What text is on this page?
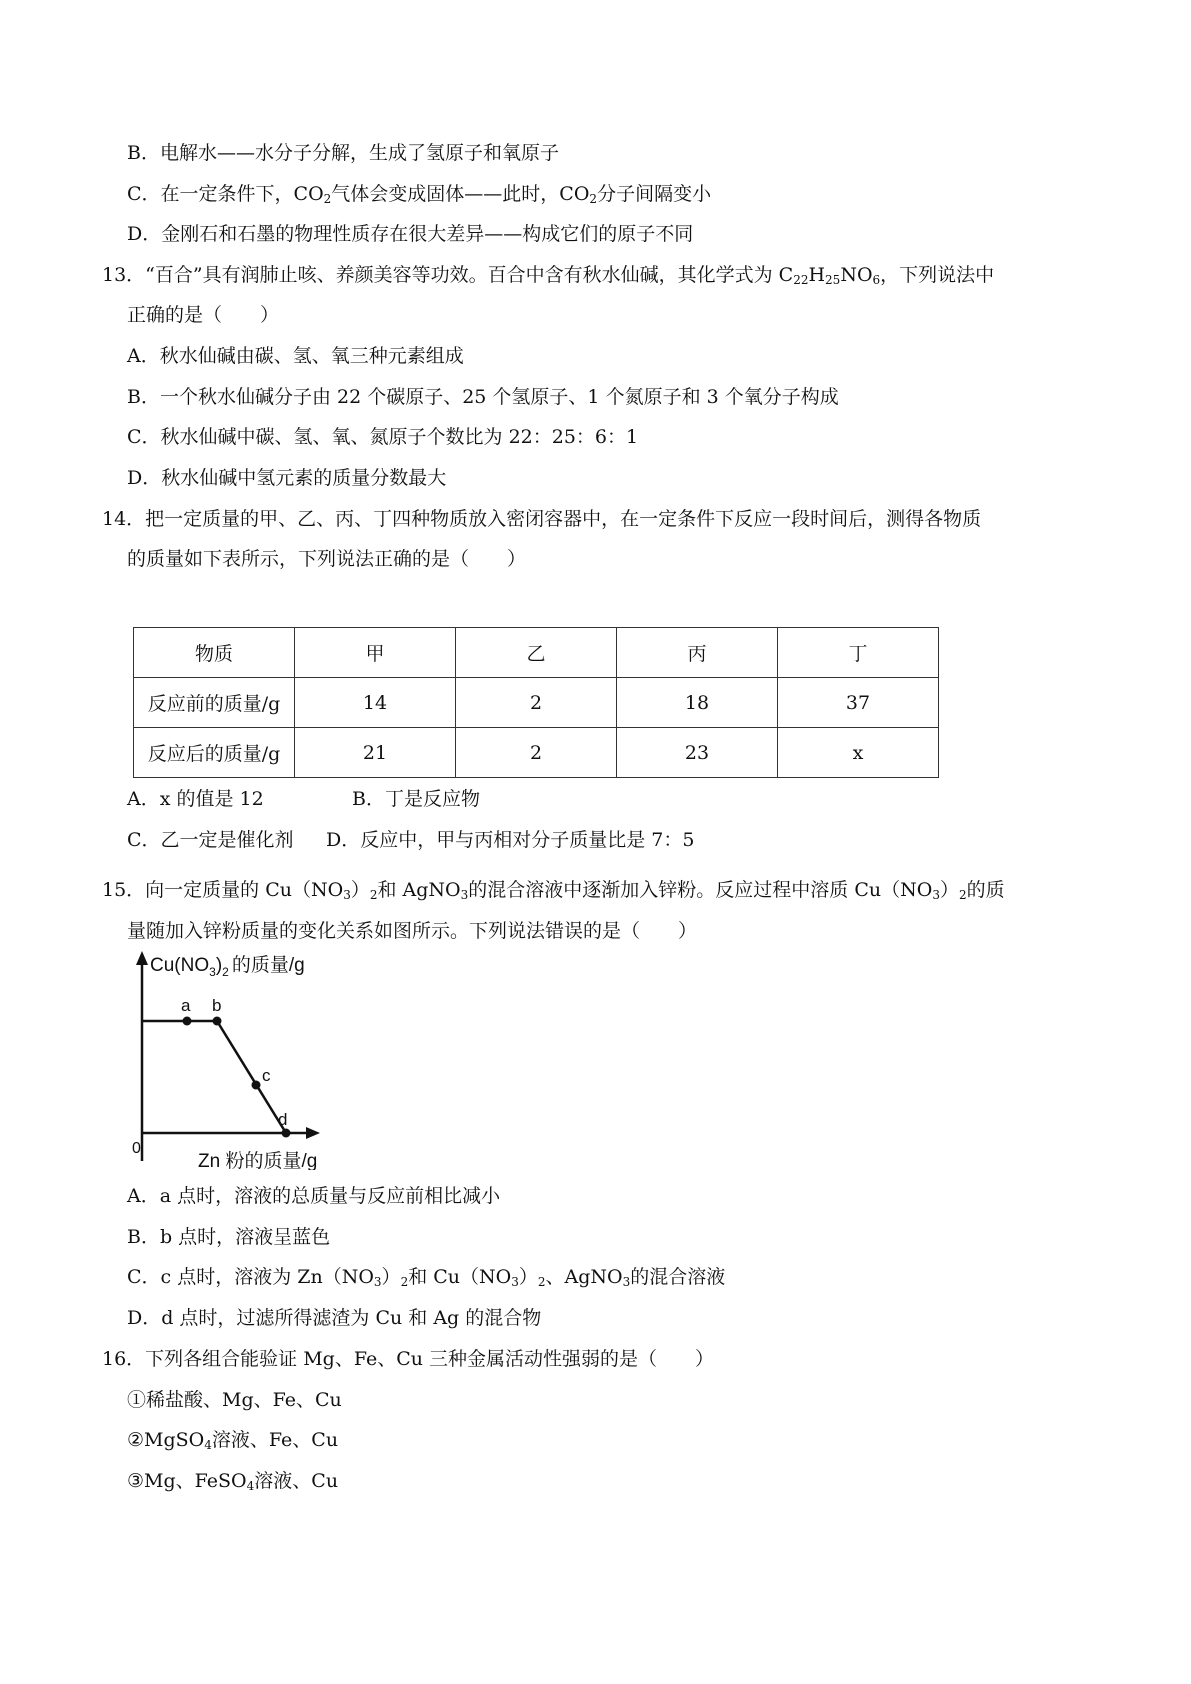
B．电解水——水分子分解，生成了氢原子和氧原子
C．在一定条件下，$CO_2$气体会变成固体——此时，$CO_2$分子间隔变小
D．金刚石和石墨的物理性质存在很大差异——构成它们的原子不同
13．“百合”具有润肺止咳、养颜美容等功效。百合中含有秋水仙碱，其化学式为 $C_{22}H_{25}NO_6$，下列说法中
正确的是（　　）
A．秋水仙碱由碳、氢、氧三种元素组成
B．一个秋水仙碱分子由 22 个碳原子、25 个氢原子、1 个氮原子和 3 个氧分子构成
C．秋水仙碱中碳、氢、氧、氮原子个数比为 22：25：6：1
D．秋水仙碱中氢元素的质量分数最大
14．把一定质量的甲、乙、丙、丁四种物质放入密闭容器中，在一定条件下反应一段时间后，测得各物质
的质量如下表所示，下列说法正确的是（　　）
物质	甲	乙	丙	丁
反应前的质量/g	14	2	18	37
反应后的质量/g	21	2	23	x
A．x 的值是 12	B．丁是反应物
C．乙一定是催化剂 D．反应中，甲与丙相对分子质量比是 7：5
15．向一定质量的 $Cu(NO_3)_2$和 AgNO$_3$的混合溶液中逐渐加入锌粉。反应过程中溶质 $Cu(NO_3)_2$的质
量随加入锌粉质量的变化关系如图所示。下列说法错误的是（　　）
a b
c
d
0
$Cu(NO_3)_2$ 的质量/g
Zn 粉的质量/g
A．a 点时，溶液的总质量与反应前相比减小
B．b 点时，溶液呈蓝色
C．c 点时，溶液为 $Zn(NO_3)_2$和 $Cu(NO_3)_2$、AgNO$_3$的混合溶液
D．d 点时，过滤所得滤渣为 Cu 和 Ag 的混合物
16．下列各组合能验证 Mg、Fe、Cu 三种金属活动性强弱的是（　　）
①稀盐酸、Mg、Fe、Cu
②MgSO$_4$溶液、Fe、Cu
③Mg、FeSO$_4$溶液、Cu
